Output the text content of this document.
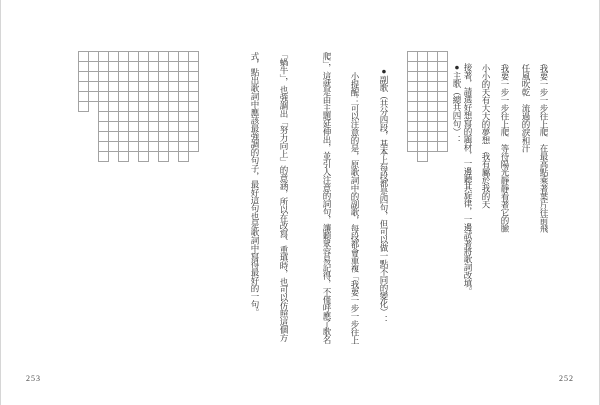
我要一步一步往上爬　在最高點乘著葉片往前飛
任風吹乾　流過的淚和汗
我要一步一步往上爬　等待陽光靜靜看著它的臉
小小的天有大大的夢想　我有屬於我的天
接著，請選好想寫的題材，一邊聽其旋律，一邊試著將歌詞改填。
●主歌（總共四句）：
●副歌（共分四段，基本上每段都是四句，但可以做一點不同的變化）：
小提醒：可以注意的是，原歌詞中的副歌，每段都會重複「我要一步一步往上
爬」，這就是由主題延伸出，並引人注意的詞句，讓聽眾容易記得，不僅呼應了歌名
252
「蝸牛」，也強調出「努力向上」的意涵，所以在改寫、重填時，也可以仿照這個方
式，點出歌詞中應該最強調的句子，最好這句也是歌詞中寫得最好的一句。
253
